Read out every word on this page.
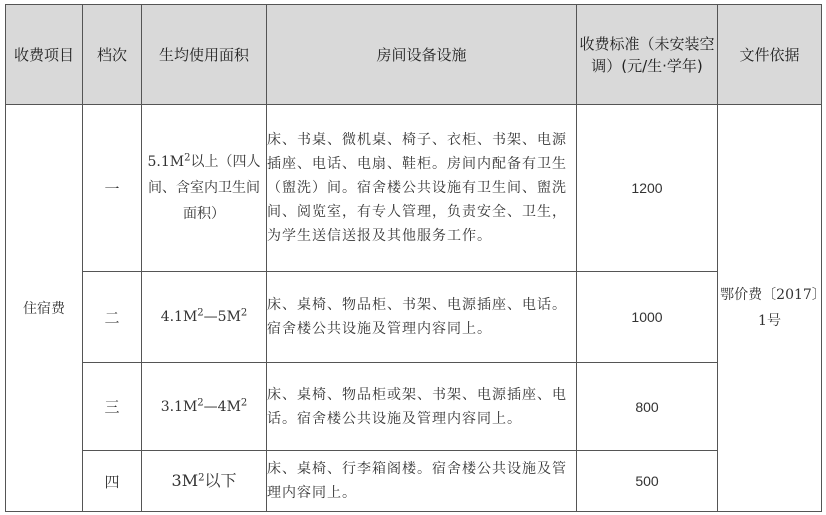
收费项目	档次	生均使用面积	房间设备设施	收费标准（未安装空调）(元/生·学年)	文件依据
住宿费	一	$5.1M^2$以上（四人间、含室内卫生间面积）	床、书桌、微机桌、椅子、衣柜、书架、电源插座、电话、电扇、鞋柜。房间内配备有卫生（盥洗）间。宿舍楼公共设施有卫生间、盥洗间、阅览室，有专人管理，负责安全、卫生，为学生送信送报及其他服务工作。	1200	鄂价费〔2017〕1号
	二	$4.1M^2—5M^2$	床、桌椅、物品柜、书架、电源插座、电话。宿舍楼公共设施及管理内容同上。	1000	
	三	$3.1M^2—4M^2$	床、桌椅、物品柜或架、书架、电源插座、电话。宿舍楼公共设施及管理内容同上。	800	
	四	$3M^2$以下	床、桌椅、行李箱阁楼。宿舍楼公共设施及管理内容同上。	500	
